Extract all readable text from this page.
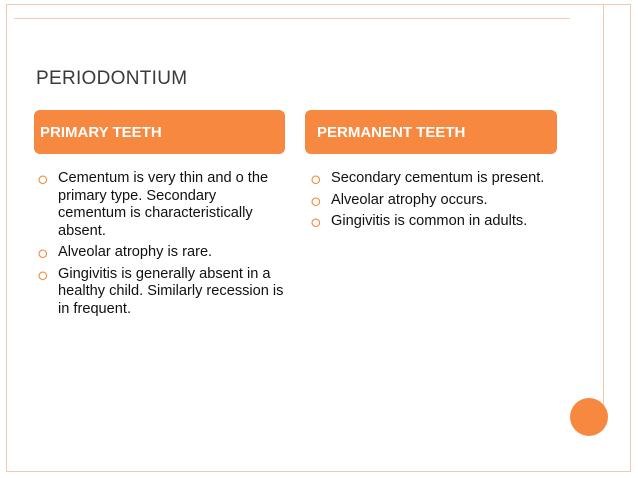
PERIODONTIUM
PRIMARY TEETH	PERMANENT TEETH
⭘ Cementum is very thin and o the primary type. Secondary cementum is characteristically absent.
⭘ Alveolar atrophy is rare.
⭘ Gingivitis is generally absent in a healthy child. Similarly recession is in frequent.
⭘ Secondary cementum is present.
⭘ Alveolar atrophy occurs.
⭘ Gingivitis is common in adults.
